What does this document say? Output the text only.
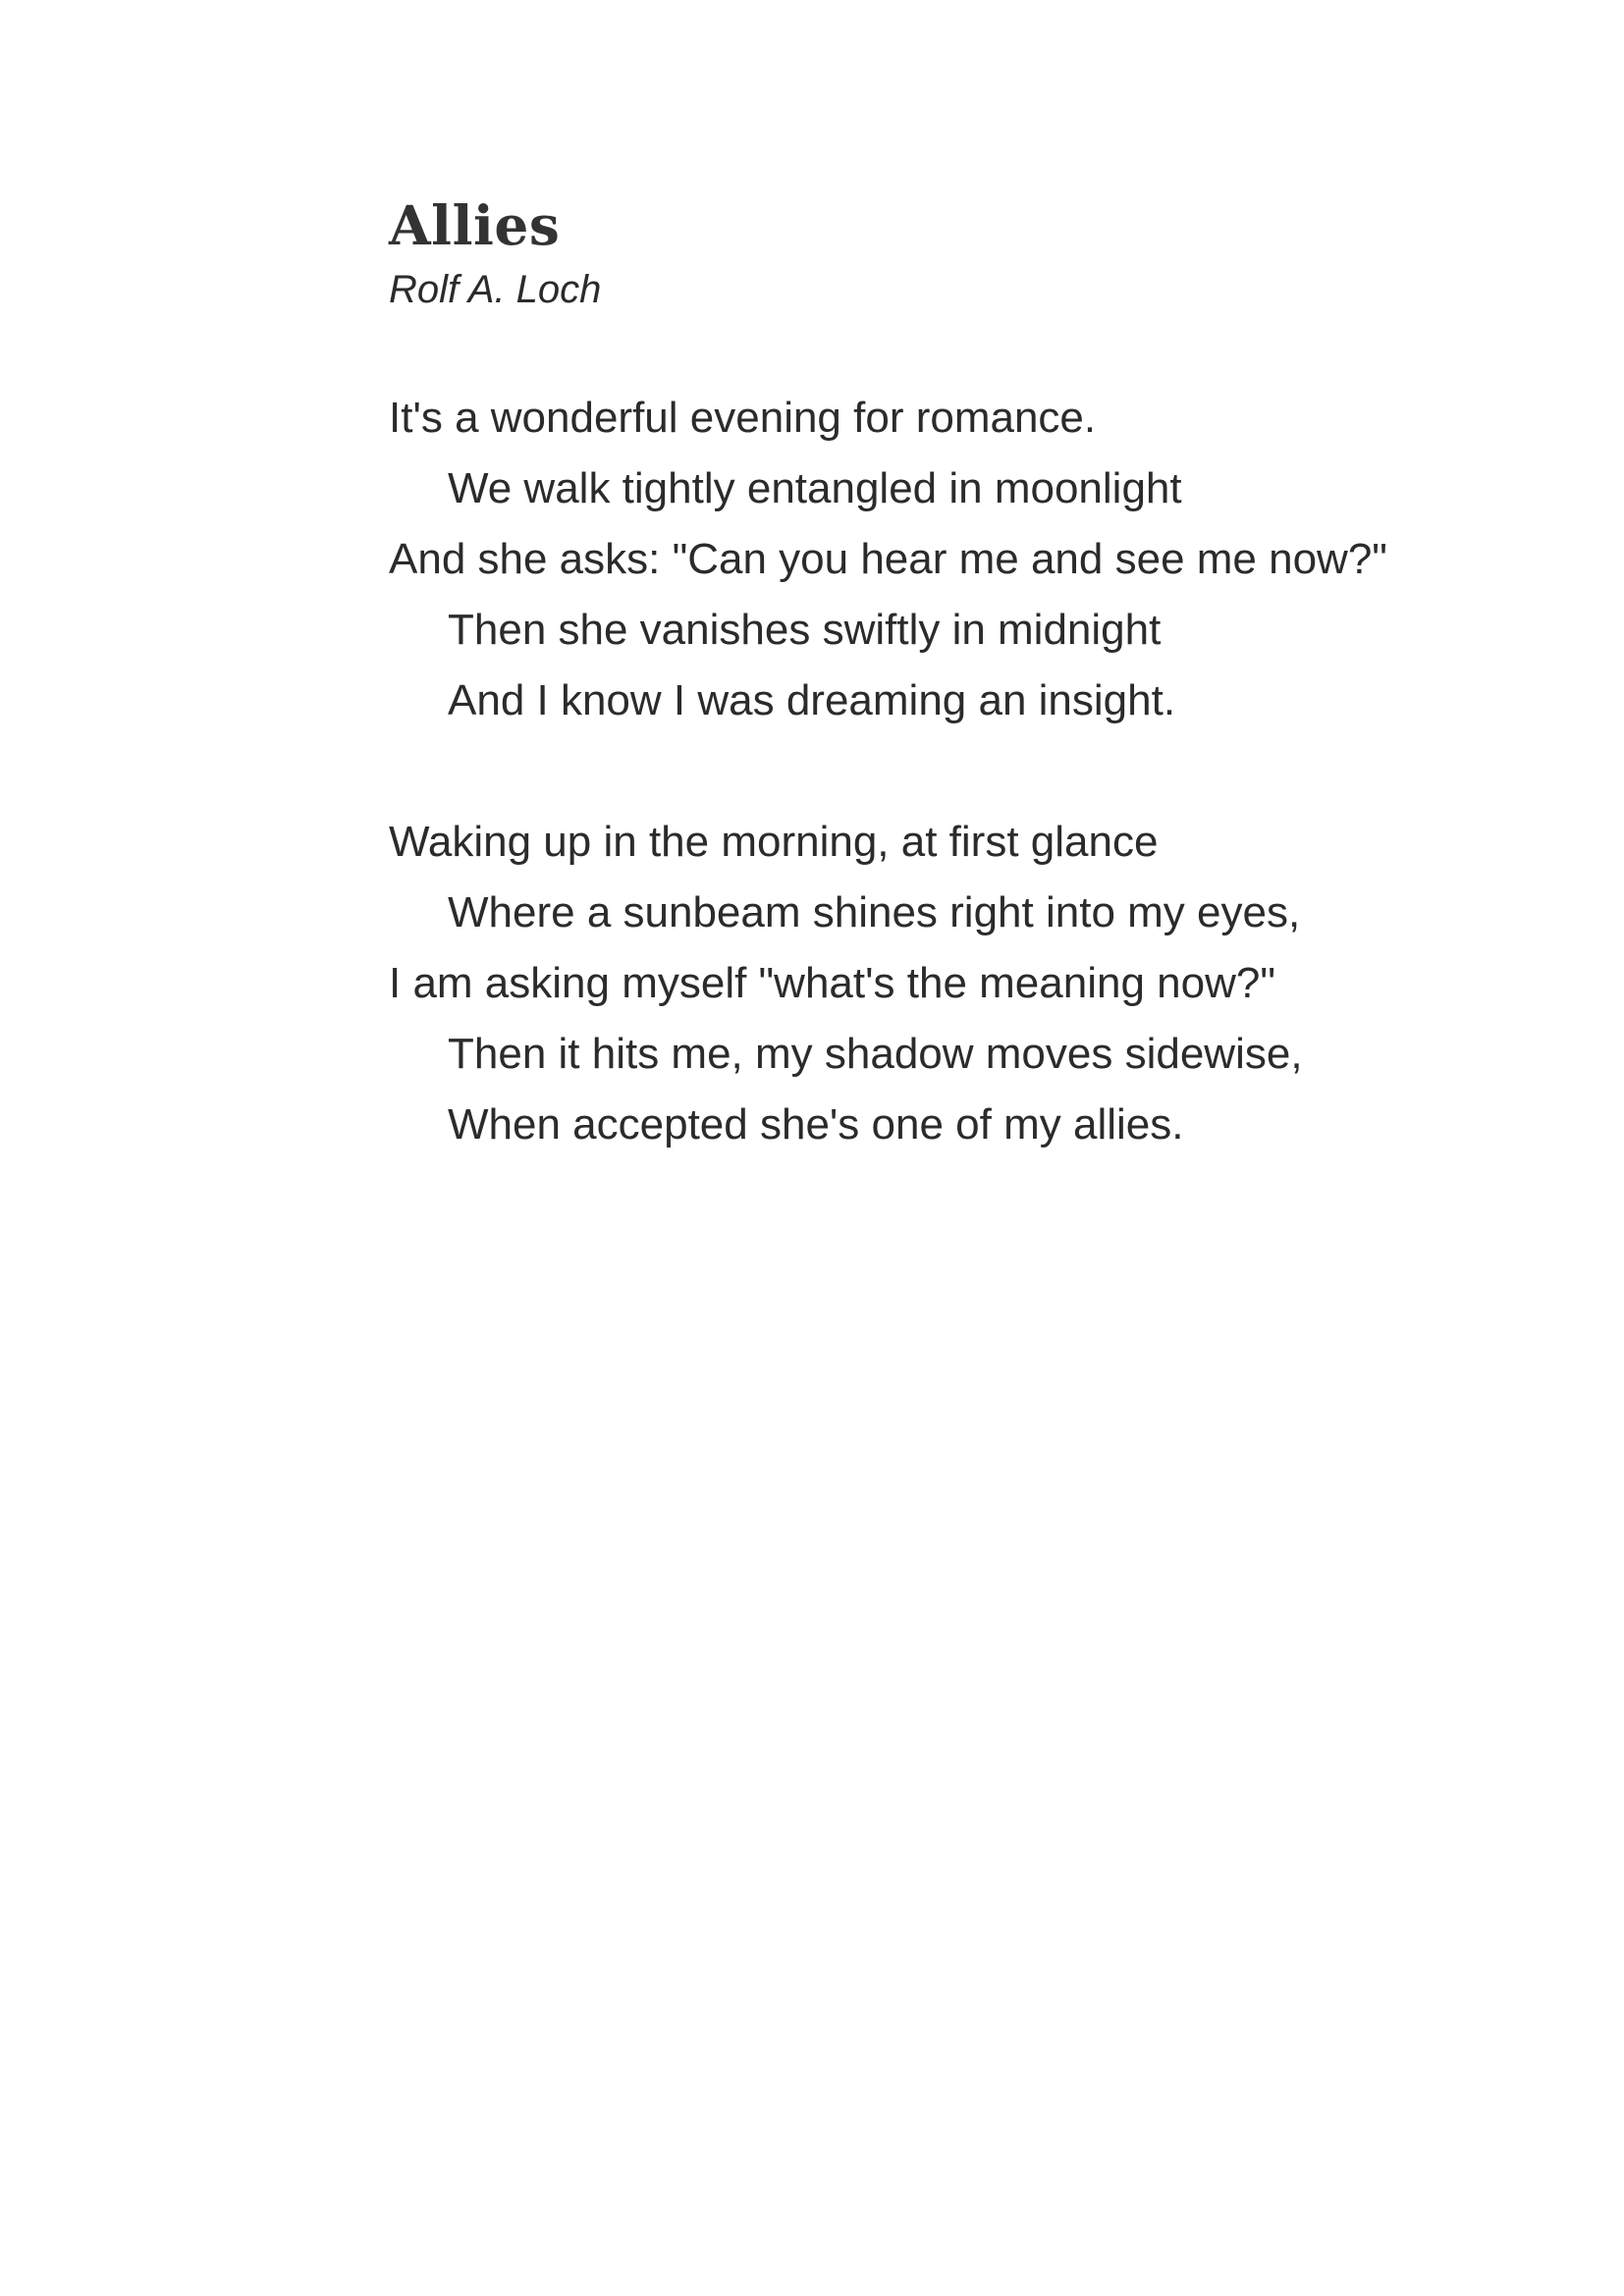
Allies
Rolf A. Loch
It's a wonderful evening for romance.
We walk tightly entangled in moonlight
And she asks: "Can you hear me and see me now?"
Then she vanishes swiftly in midnight
And I know I was dreaming an insight.
Waking up in the morning, at first glance
Where a sunbeam shines right into my eyes,
I am asking myself "what's the meaning now?"
Then it hits me, my shadow moves sidewise,
When accepted she's one of my allies.
